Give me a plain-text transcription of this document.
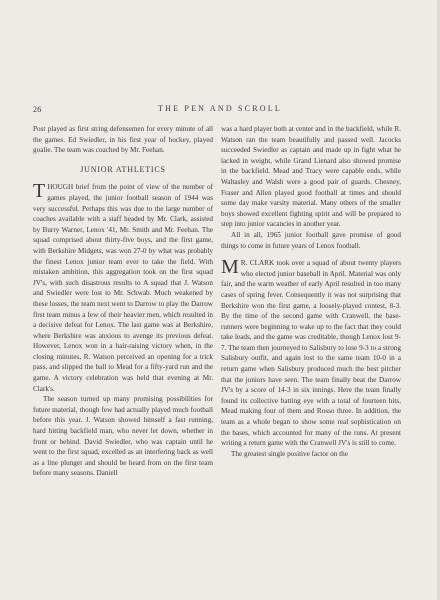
26	THE PEN AND SCROLL

Post played as first string defensemen for every minute of all the games. Ed Swiedler, in his first year of hockey, played goalie. The team was coached by Mr. Feehan.

JUNIOR ATHLETICS

THOUGH brief from the point of view of the number of games played, the junior football season of 1944 was very successful. Perhaps this was due to the large number of coaches available with a staff headed by Mr. Clark, assisted by Burry Warner, Lenox '41, Mr. Smith and Mr. Feehan. The squad comprised about thirty-five boys, and the first game, with Berkshire Midgets, was won 27-0 by what was probably the finest Lenox junior team ever to take the field. With mistaken ambition, this aggregation took on the first squad JV's, with such disastrous results to A squad that J. Watson and Swiedler were lost to Mr. Schwab. Much weakened by these losses, the team next went to Darrow to play the Darrow first team minus a few of their heavier men, which resulted in a decisive defeat for Lenox. The last game was at Berkshire, where Berkshire was anxious to avenge its previous defeat. However, Lenox won in a hair-raising victory when, in the closing minutes, R. Watson perceived an opening for a trick pass, and slipped the ball to Mead for a fifty-yard run and the game. A victory celebration was held that evening at Mr. Clark's.

The season turned up many promising possibilities for future material, though few had actually played much football before this year. J. Watson showed himself a fast running, hard hitting backfield man, who never let down, whether in front or behind. David Swiedler, who was captain until he went to the first squad, excelled as an interfering back as well as a line plunger and should be heard from on the first team before many seasons. Daniell

was a hard player both at center and in the backfield, while R. Watson ran the team beautifully and passed well. Jacocks succeeded Swiedler as captain and made up in fight what he lacked in weight, while Grand Lienard also showed promise in the backfield. Mead and Tracy were capable ends, while Waltasley and Walsh were a good pair of guards. Chesney, Fraser and Allen played good football at times and should some day make varsity material. Many others of the smaller boys showed excellent fighting spirit and will be prepared to step into junior vacancies in another year.

All in all, 1965 junior football gave promise of good things to come in future years of Lenox football.

M R. CLARK took over a squad of about twenty players who elected junior baseball in April. Material was only fair, and the warm weather of early April resulted in too many cases of spring fever. Consequently it was not surprising that Berkshire won the first game, a loosely-played contest, 8-3. By the time of the second game with Cranwell, the base-runners were beginning to wake up to the fact that they could take leads, and the game was creditable, though Lenox lost 9-7. The team then journeyed to Salisbury to lose 9-3 to a strong Salisbury outfit, and again lost to the same team 10-0 in a return game when Salisbury produced much the best pitcher that the juniors have seen. The team finally beat the Darrow JV's by a score of 14-3 in six innings. Here the team finally found its collective batting eye with a total of fourteen hits, Mead making four of them and Rosso three. In addition, the team as a whole began to show some real sophistication on the bases, which accounted for many of the runs. At present writing a return game with the Cranwell JV's is still to come.

The greatest single positive factor on the
